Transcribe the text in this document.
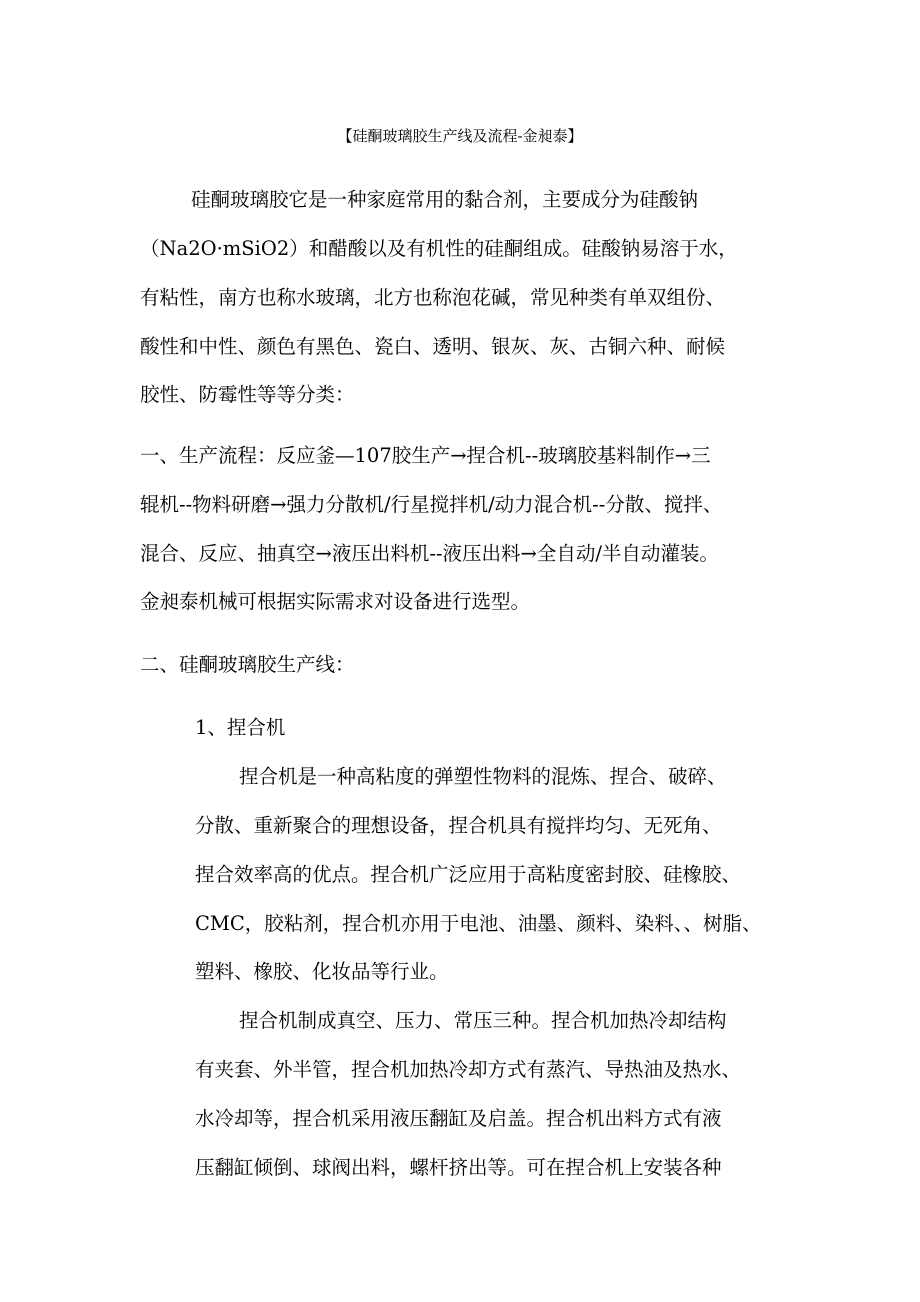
【硅酮玻璃胶生产线及流程-金昶泰】
硅酮玻璃胶它是一种家庭常用的黏合剂，主要成分为硅酸钠
（Na2O·mSiO2）和醋酸以及有机性的硅酮组成。硅酸钠易溶于水，
有粘性，南方也称水玻璃，北方也称泡花碱，常见种类有单双组份、
酸性和中性、颜色有黑色、瓷白、透明、银灰、灰、古铜六种、耐候
胶性、防霉性等等分类：
一、生产流程：反应釜—107胶生产→捏合机--玻璃胶基料制作→三
辊机--物料研磨→强力分散机/行星搅拌机/动力混合机--分散、搅拌、
混合、反应、抽真空→液压出料机--液压出料→全自动/半自动灌装。
金昶泰机械可根据实际需求对设备进行选型。
二、硅酮玻璃胶生产线：
1、捏合机
捏合机是一种高粘度的弹塑性物料的混炼、捏合、破碎、
分散、重新聚合的理想设备，捏合机具有搅拌均匀、无死角、
捏合效率高的优点。捏合机广泛应用于高粘度密封胶、硅橡胶、
CMC，胶粘剂，捏合机亦用于电池、油墨、颜料、染料、、树脂、
塑料、橡胶、化妆品等行业。
捏合机制成真空、压力、常压三种。捏合机加热冷却结构
有夹套、外半管，捏合机加热冷却方式有蒸汽、导热油及热水、
水冷却等，捏合机采用液压翻缸及启盖。捏合机出料方式有液
压翻缸倾倒、球阀出料，螺杆挤出等。可在捏合机上安装各种
